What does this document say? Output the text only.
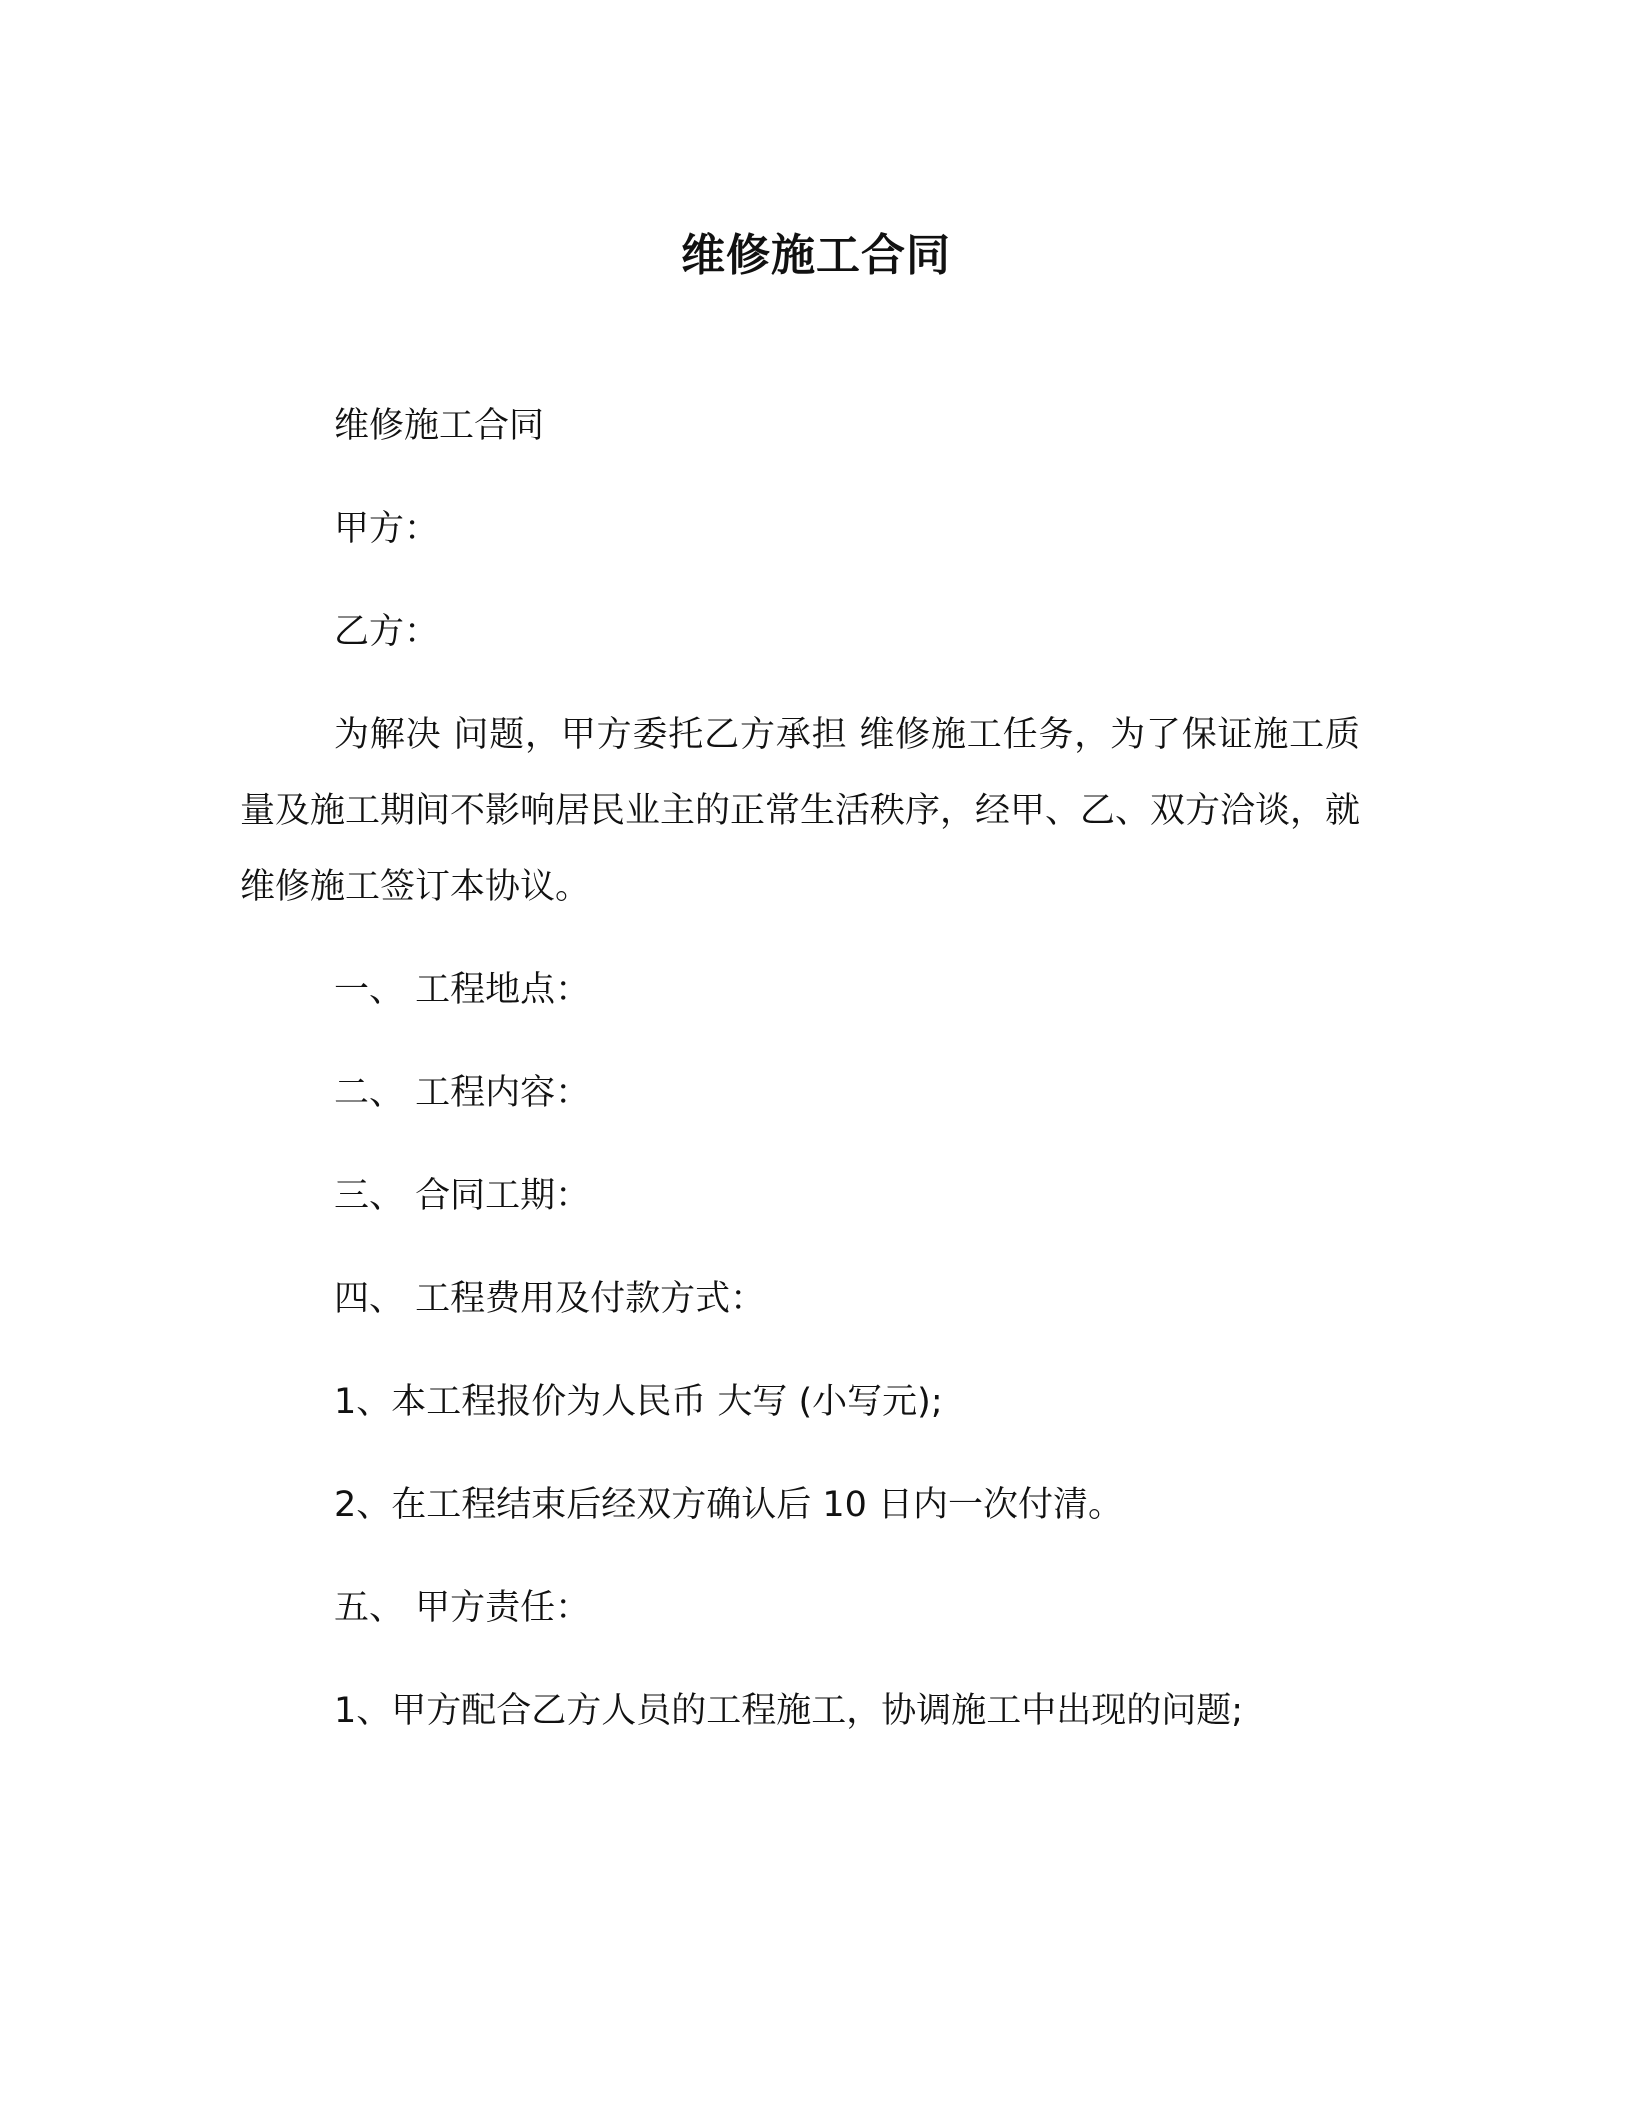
维修施工合同

维修施工合同

甲方：

乙方：

为解决 问题，甲方委托乙方承担 维修施工任务，为了保证施工质量及施工期间不影响居民业主的正常生活秩序，经甲、乙、双方洽谈，就 维修施工签订本协议。

一、 工程地点：

二、 工程内容：

三、 合同工期：

四、 工程费用及付款方式：

1、本工程报价为人民币 大写 (小写元);

2、在工程结束后经双方确认后 10 日内一次付清。

五、 甲方责任：

1、甲方配合乙方人员的工程施工，协调施工中出现的问题;
